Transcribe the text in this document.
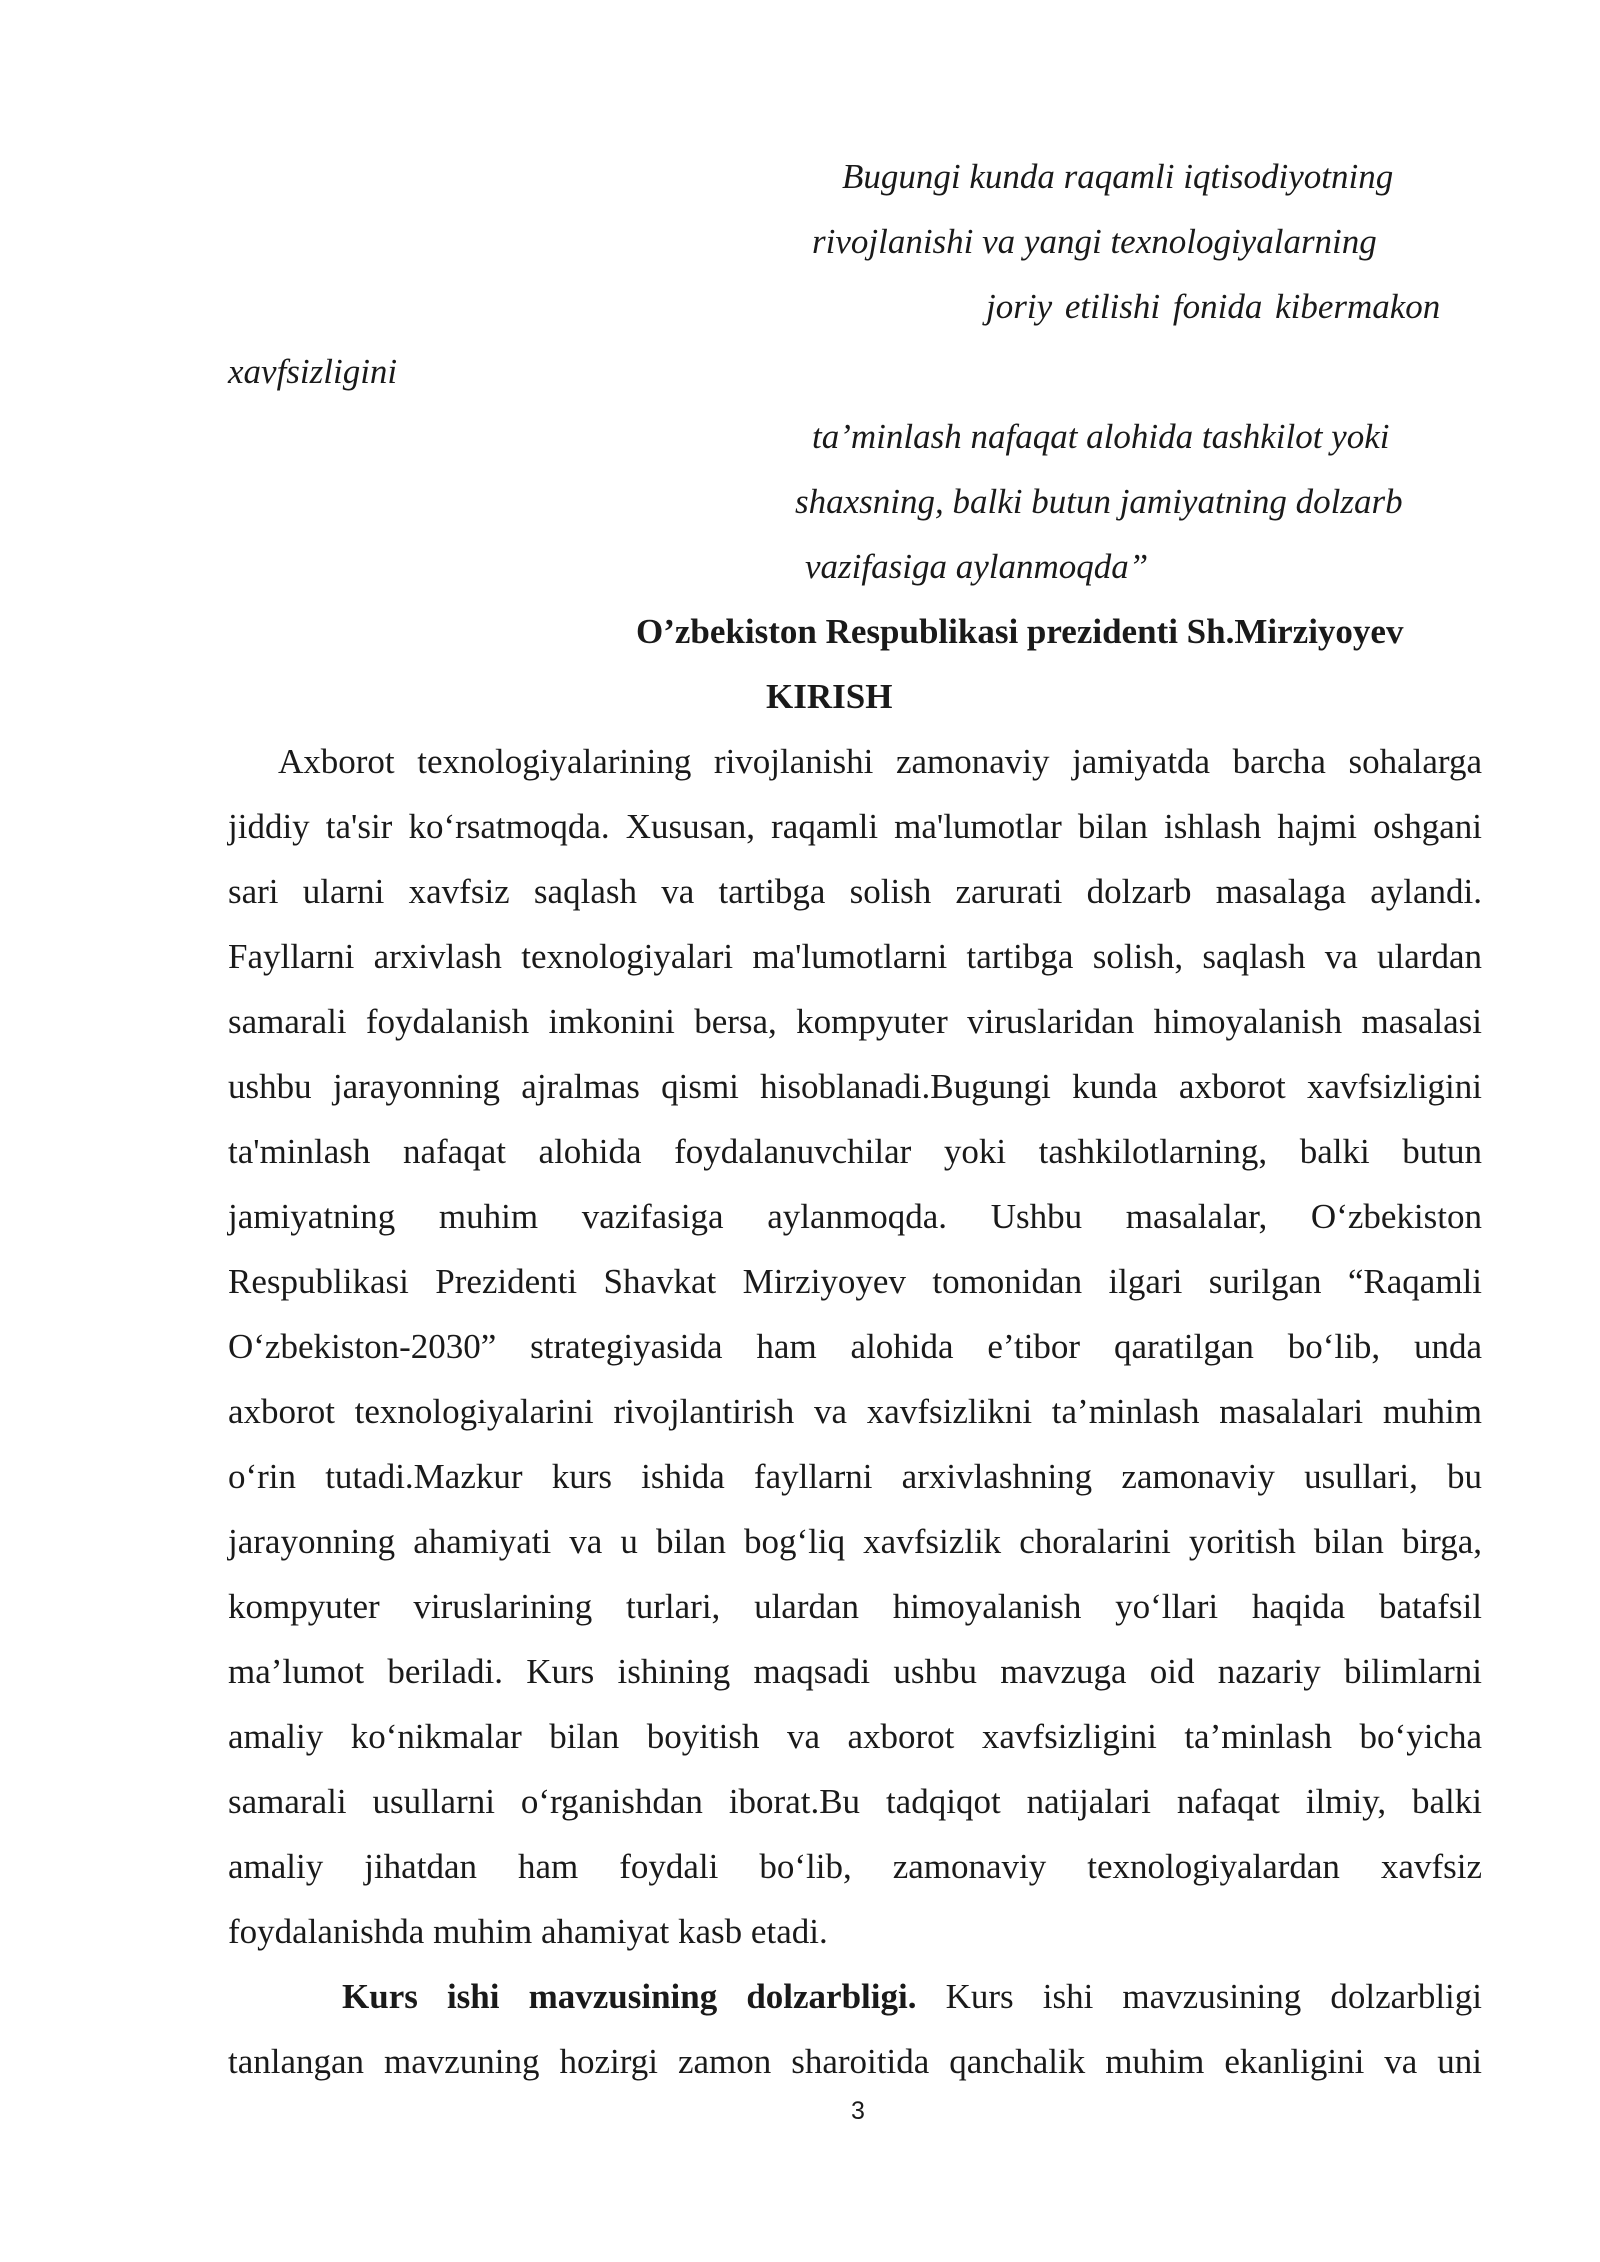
Bugungi kunda raqamli iqtisodiyotning
rivojlanishi va yangi texnologiyalarning
joriy etilishi fonida kibermakon
xavfsizligini
ta’minlash nafaqat alohida tashkilot yoki
shaxsning, balki butun jamiyatning dolzarb
vazifasiga aylanmoqda”
O’zbekiston Respublikasi prezidenti Sh.Mirziyoyev
KIRISH
Axborot texnologiyalarining rivojlanishi zamonaviy jamiyatda barcha sohalarga
jiddiy ta'sir koʻrsatmoqda. Xususan, raqamli ma'lumotlar bilan ishlash hajmi oshgani
sari ularni xavfsiz saqlash va tartibga solish zarurati dolzarb masalaga aylandi.
Fayllarni arxivlash texnologiyalari ma'lumotlarni tartibga solish, saqlash va ulardan
samarali foydalanish imkonini bersa, kompyuter viruslaridan himoyalanish masalasi
ushbu jarayonning ajralmas qismi hisoblanadi.Bugungi kunda axborot xavfsizligini
ta'minlash nafaqat alohida foydalanuvchilar yoki tashkilotlarning, balki butun
jamiyatning muhim vazifasiga aylanmoqda. Ushbu masalalar, Oʻzbekiston
Respublikasi Prezidenti Shavkat Mirziyoyev tomonidan ilgari surilgan “Raqamli
Oʻzbekiston-2030” strategiyasida ham alohida e’tibor qaratilgan boʻlib, unda
axborot texnologiyalarini rivojlantirish va xavfsizlikni ta’minlash masalalari muhim
oʻrin tutadi.Mazkur kurs ishida fayllarni arxivlashning zamonaviy usullari, bu
jarayonning ahamiyati va u bilan bogʻliq xavfsizlik choralarini yoritish bilan birga,
kompyuter viruslarining turlari, ulardan himoyalanish yoʻllari haqida batafsil
ma’lumot beriladi. Kurs ishining maqsadi ushbu mavzuga oid nazariy bilimlarni
amaliy koʻnikmalar bilan boyitish va axborot xavfsizligini ta’minlash boʻyicha
samarali usullarni oʻrganishdan iborat.Bu tadqiqot natijalari nafaqat ilmiy, balki
amaliy jihatdan ham foydali boʻlib, zamonaviy texnologiyalardan xavfsiz
foydalanishda muhim ahamiyat kasb etadi.
Kurs ishi mavzusining dolzarbligi. Kurs ishi mavzusining dolzarbligi
tanlangan mavzuning hozirgi zamon sharoitida qanchalik muhim ekanligini va uni
3
